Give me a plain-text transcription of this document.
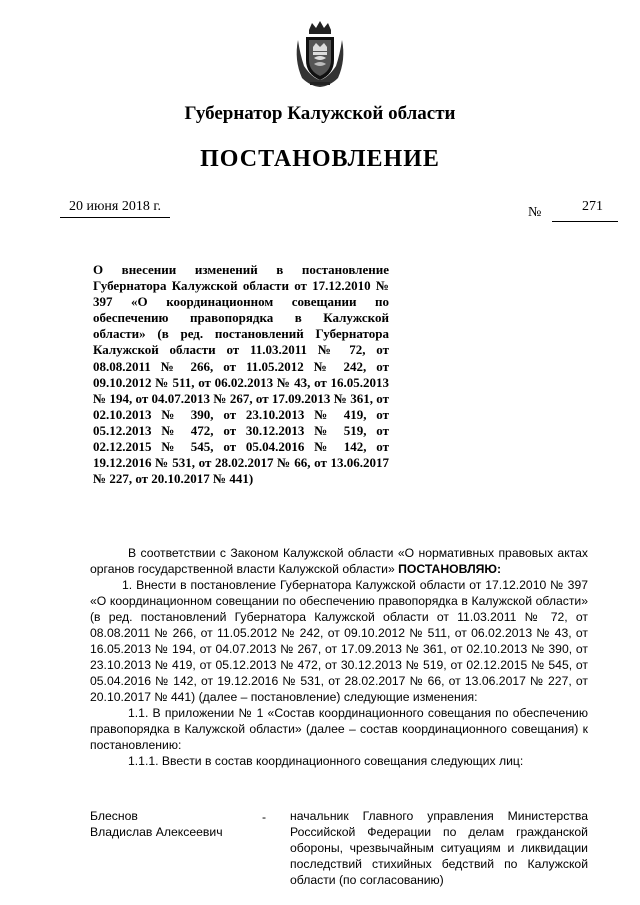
Губернатор Калужской области
ПОСТАНОВЛЕНИЕ
20 июня 2018 г.	№	271
О внесении изменений в постановление Губернатора Калужской области от 17.12.2010 № 397 «О координационном совещании по обеспечению правопорядка в Калужской области» (в ред. постановлений Губернатора Калужской области от 11.03.2011 № 72, от 08.08.2011 № 266, от 11.05.2012 № 242, от 09.10.2012 № 511, от 06.02.2013 № 43, от 16.05.2013 № 194, от 04.07.2013 № 267, от 17.09.2013 № 361, от 02.10.2013 № 390, от 23.10.2013 № 419, от 05.12.2013 № 472, от 30.12.2013 № 519, от 02.12.2015 № 545, от 05.04.2016 № 142, от 19.12.2016 № 531, от 28.02.2017 № 66, от 13.06.2017 № 227, от 20.10.2017 № 441)

В соответствии с Законом Калужской области «О нормативных правовых актах органов государственной власти Калужской области» ПОСТАНОВЛЯЮ:

1. Внести в постановление Губернатора Калужской области от 17.12.2010 № 397 «О координационном совещании по обеспечению правопорядка в Калужской области» (в ред. постановлений Губернатора Калужской области от 11.03.2011 № 72, от 08.08.2011 № 266, от 11.05.2012 № 242, от 09.10.2012 № 511, от 06.02.2013 № 43, от 16.05.2013 № 194, от 04.07.2013 № 267, от 17.09.2013 № 361, от 02.10.2013 № 390, от 23.10.2013 № 419, от 05.12.2013 № 472, от 30.12.2013 № 519, от 02.12.2015 № 545, от 05.04.2016 № 142, от 19.12.2016 № 531, от 28.02.2017 № 66, от 13.06.2017 № 227, от 20.10.2017 № 441) (далее – постановление) следующие изменения:

1.1. В приложении № 1 «Состав координационного совещания по обеспечению правопорядка в Калужской области» (далее – состав координационного совещания) к постановлению:

1.1.1. Ввести в состав координационного совещания следующих лиц:

Блеснов
Владислав Алексеевич
- начальник Главного управления Министерства Российской Федерации по делам гражданской обороны, чрезвычайным ситуациям и ликвидации последствий стихийных бедствий по Калужской области (по согласованию)
